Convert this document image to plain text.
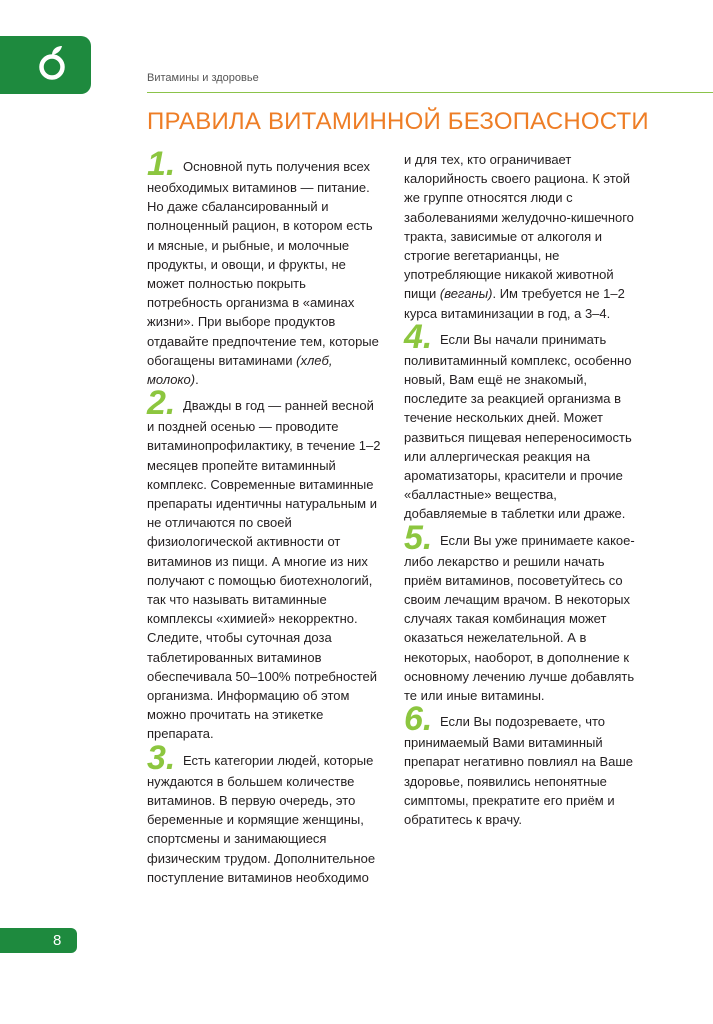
Витамины и здоровье
ПРАВИЛА ВИТАМИННОЙ БЕЗОПАСНОСТИ

1. Основной путь получения всех необходимых витаминов — питание. Но даже сбалансированный и полноценный рацион, в котором есть и мясные, и рыбные, и молочные продукты, и овощи, и фрукты, не может полностью покрыть потребность организма в «аминах жизни». При выборе продуктов отдавайте предпочтение тем, которые обогащены витаминами (хлеб, молоко).

2. Дважды в год — ранней весной и поздней осенью — проводите витаминопрофилактику, в течение 1–2 месяцев пропейте витаминный комплекс. Современные витаминные препараты идентичны натуральным и не отличаются по своей физиологической активности от витаминов из пищи. А многие из них получают с помощью биотехнологий, так что называть витаминные комплексы «химией» некорректно. Следите, чтобы суточная доза таблетированных витаминов обеспечивала 50–100% потребностей организма. Информацию об этом можно прочитать на этикетке препарата.

3. Есть категории людей, которые нуждаются в большем количестве витаминов. В первую очередь, это беременные и кормящие женщины, спортсмены и занимающиеся физическим трудом. Дополнительное поступление витаминов необходимо

и для тех, кто ограничивает калорийность своего рациона. К этой же группе относятся люди с заболеваниями желудочно-кишечного тракта, зависимые от алкоголя и строгие вегетарианцы, не употребляющие никакой животной пищи (веганы). Им требуется не 1–2 курса витаминизации в год, а 3–4.

4. Если Вы начали принимать поливитаминный комплекс, особенно новый, Вам ещё не знакомый, последите за реакцией организма в течение нескольких дней. Может развиться пищевая непереносимость или аллергическая реакция на ароматизаторы, красители и прочие «балластные» вещества, добавляемые в таблетки или драже.

5. Если Вы уже принимаете какое-либо лекарство и решили начать приём витаминов, посоветуйтесь со своим лечащим врачом. В некоторых случаях такая комбинация может оказаться нежелательной. А в некоторых, наоборот, в дополнение к основному лечению лучше добавлять те или иные витамины.

6. Если Вы подозреваете, что принимаемый Вами витаминный препарат негативно повлиял на Ваше здоровье, появились непонятные симптомы, прекратите его приём и обратитесь к врачу.

8
